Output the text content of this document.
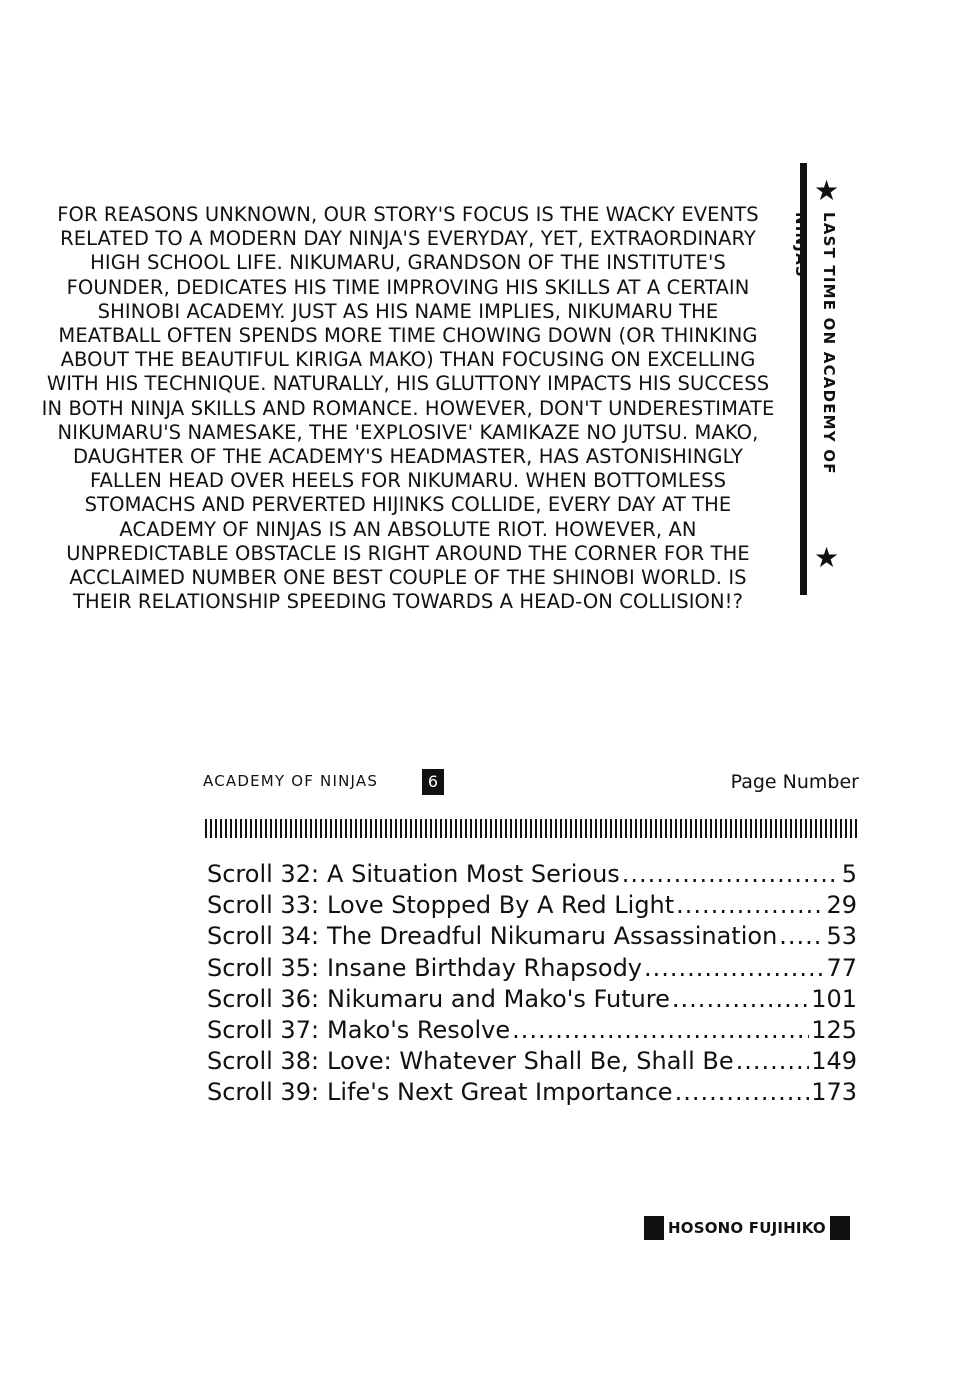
FOR REASONS UNKNOWN, OUR STORY'S FOCUS IS THE WACKY EVENTS
RELATED TO A MODERN DAY NINJA'S EVERYDAY, YET, EXTRAORDINARY
HIGH SCHOOL LIFE. NIKUMARU, GRANDSON OF THE INSTITUTE'S
FOUNDER, DEDICATES HIS TIME IMPROVING HIS SKILLS AT A CERTAIN
SHINOBI ACADEMY. JUST AS HIS NAME IMPLIES, NIKUMARU THE
MEATBALL OFTEN SPENDS MORE TIME CHOWING DOWN (OR THINKING
ABOUT THE BEAUTIFUL KIRIGA MAKO) THAN FOCUSING ON EXCELLING
WITH HIS TECHNIQUE. NATURALLY, HIS GLUTTONY IMPACTS HIS SUCCESS
IN BOTH NINJA SKILLS AND ROMANCE. HOWEVER, DON'T UNDERESTIMATE
NIKUMARU'S NAMESAKE, THE 'EXPLOSIVE' KAMIKAZE NO JUTSU. MAKO,
DAUGHTER OF THE ACADEMY'S HEADMASTER, HAS ASTONISHINGLY
FALLEN HEAD OVER HEELS FOR NIKUMARU. WHEN BOTTOMLESS
STOMACHS AND PERVERTED HIJINKS COLLIDE, EVERY DAY AT THE
ACADEMY OF NINJAS IS AN ABSOLUTE RIOT. HOWEVER, AN
UNPREDICTABLE OBSTACLE IS RIGHT AROUND THE CORNER FOR THE
ACCLAIMED NUMBER ONE BEST COUPLE OF THE SHINOBI WORLD. IS
THEIR RELATIONSHIP SPEEDING TOWARDS A HEAD-ON COLLISION!?
★
LAST TIME ON ACADEMY OF NINJAS
★
ACADEMY OF NINJAS	6	Page Number
Scroll 32: A Situation Most Serious .....	5
Scroll 33: Love Stopped By A Red Light .....	29
Scroll 34: The Dreadful Nikumaru Assassination ..... 53
Scroll 35: Insane Birthday Rhapsody .....	77
Scroll 36: Nikumaru and Mako's Future .....	101
Scroll 37: Mako's Resolve .....	125
Scroll 38: Love: Whatever Shall Be, Shall Be .....	149
Scroll 39: Life's Next Great Importance .....	173
HOSONO FUJIHIKO
